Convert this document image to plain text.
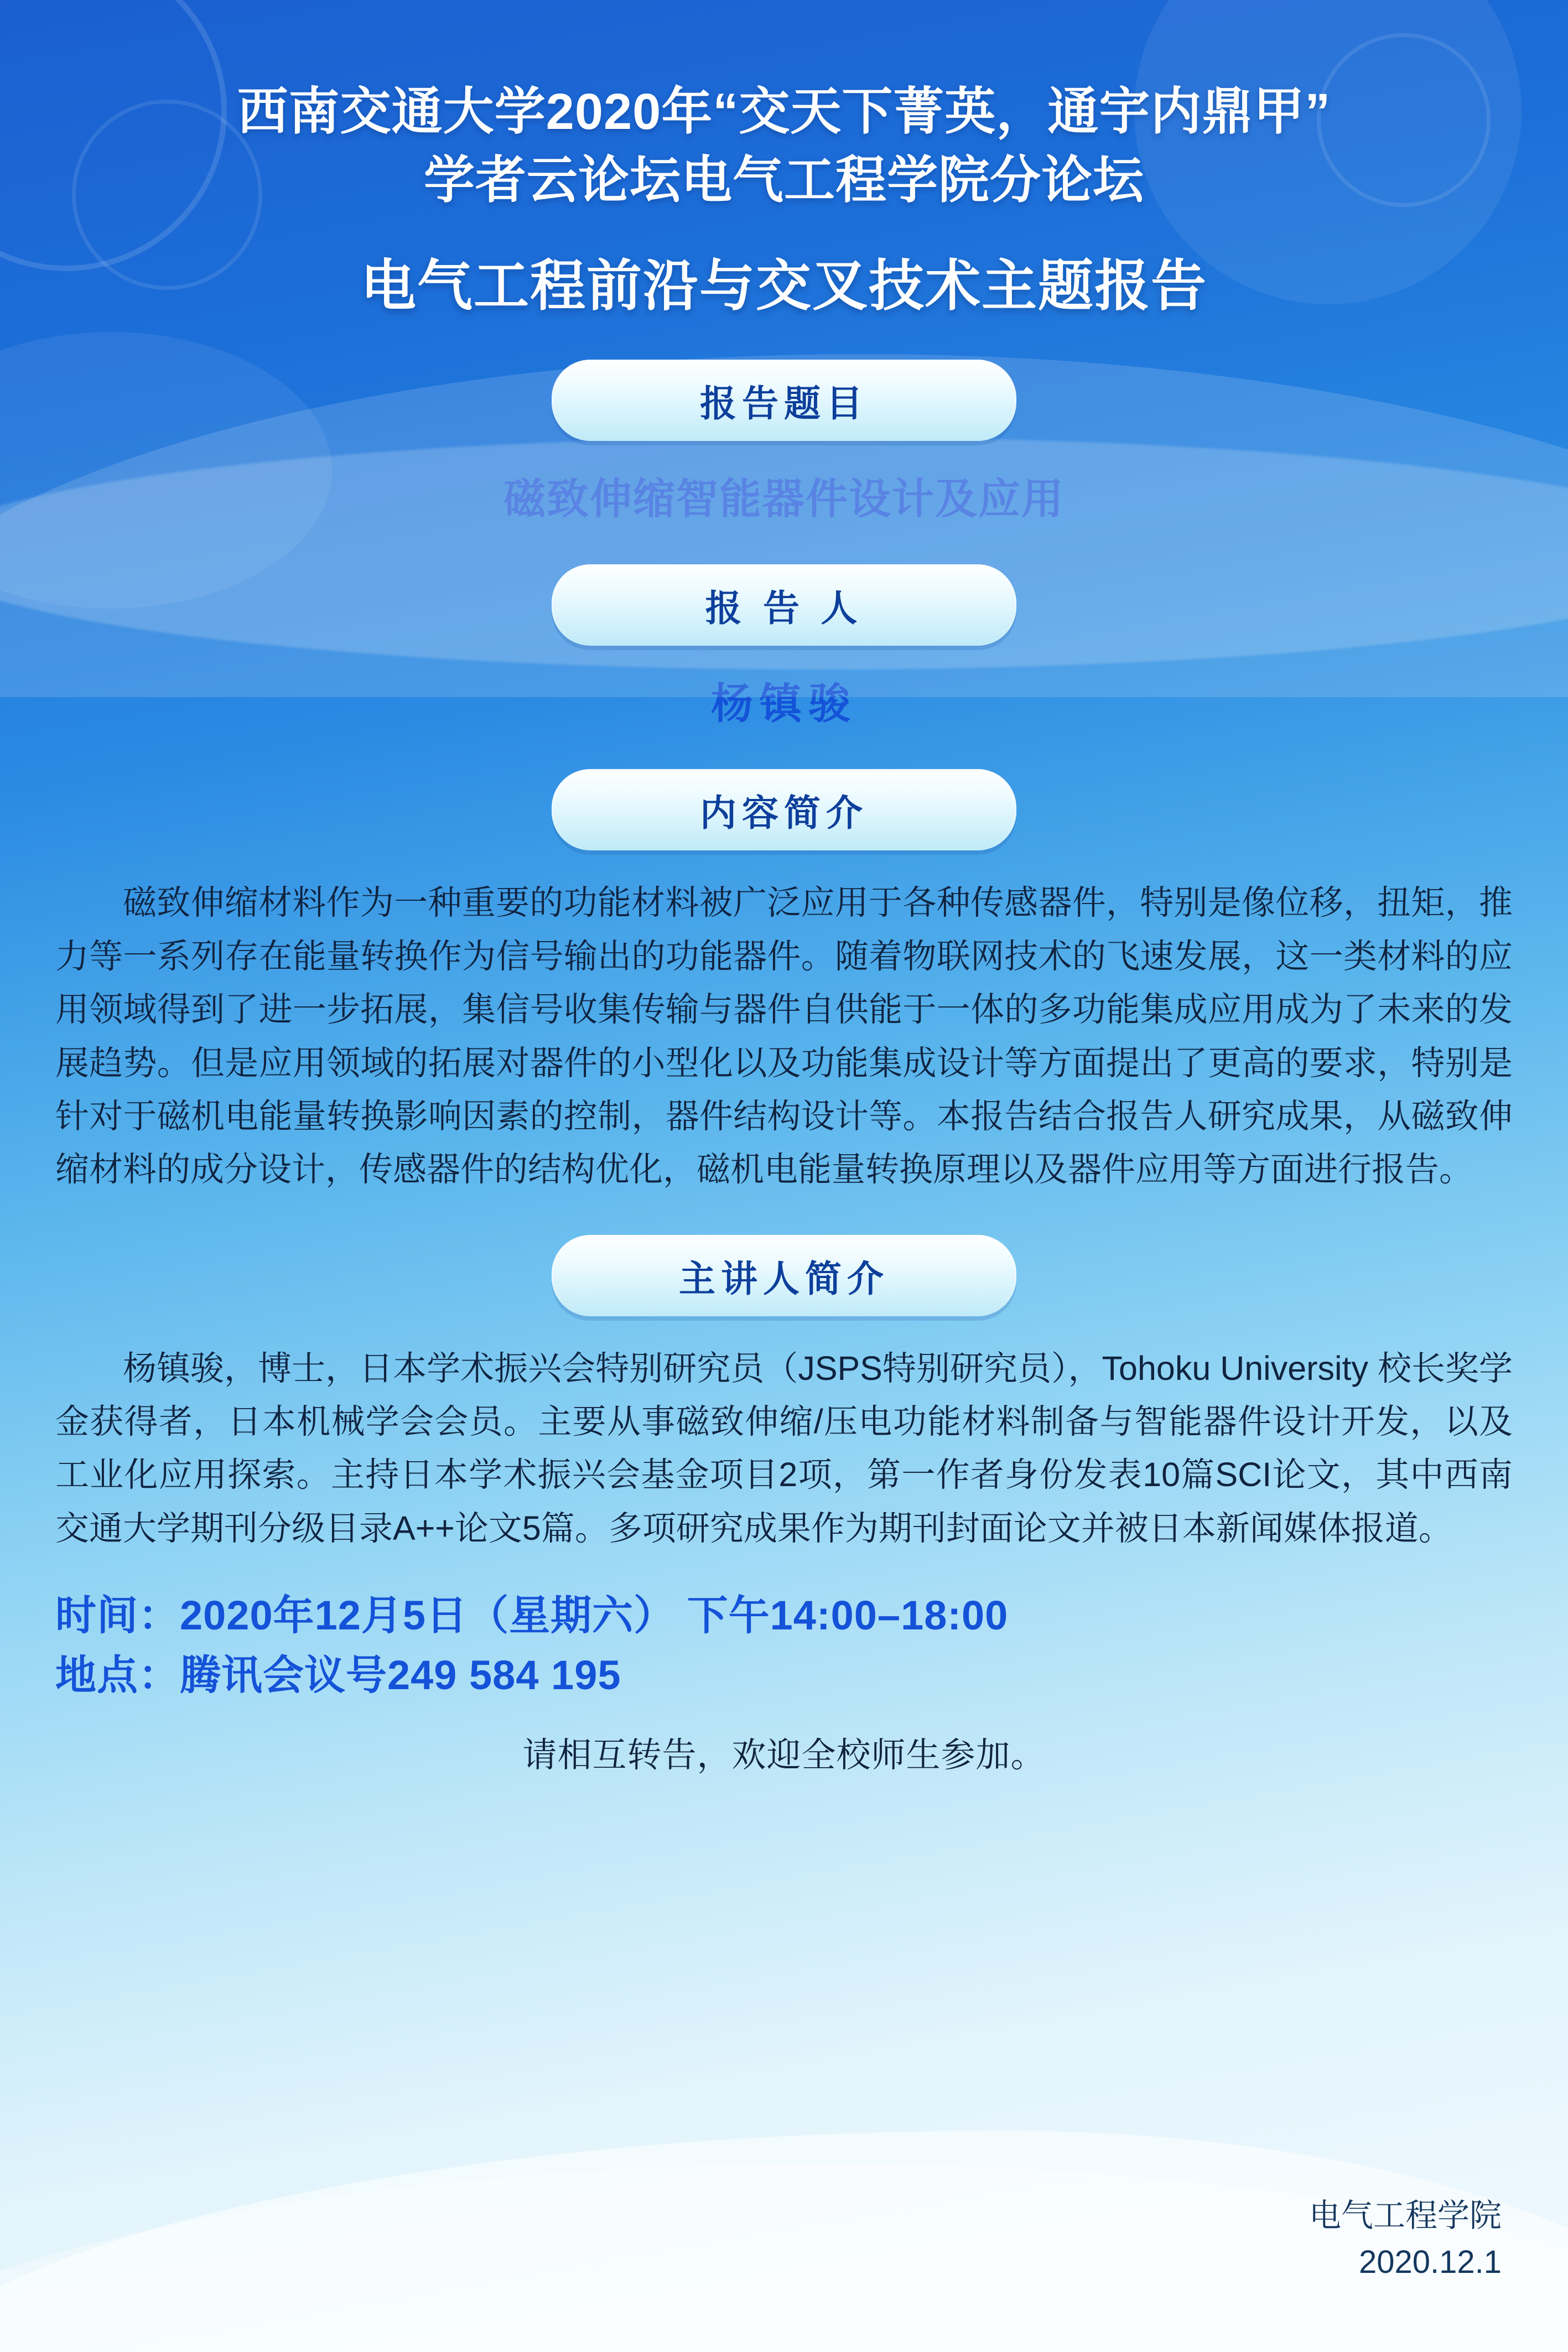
西南交通大学2020年“交天下菁英，通宇内鼎甲”
学者云论坛电气工程学院分论坛
电气工程前沿与交叉技术主题报告
报告题目
磁致伸缩智能器件设计及应用
报 告 人
杨镇骏
内容简介
磁致伸缩材料作为一种重要的功能材料被广泛应用于各种传感器件，特别是像位移，扭矩，推力等一系列存在能量转换作为信号输出的功能器件。随着物联网技术的飞速发展，这一类材料的应用领域得到了进一步拓展，集信号收集传输与器件自供能于一体的多功能集成应用成为了未来的发展趋势。但是应用领域的拓展对器件的小型化以及功能集成设计等方面提出了更高的要求，特别是针对于磁机电能量转换影响因素的控制，器件结构设计等。本报告结合报告人研究成果，从磁致伸缩材料的成分设计，传感器件的结构优化，磁机电能量转换原理以及器件应用等方面进行报告。
主讲人简介
杨镇骏，博士，日本学术振兴会特别研究员（JSPS特别研究员），Tohoku University 校长奖学金获得者，日本机械学会会员。主要从事磁致伸缩/压电功能材料制备与智能器件设计开发，以及工业化应用探索。主持日本学术振兴会基金项目2项，第一作者身份发表10篇SCI论文，其中西南交通大学期刊分级目录A++论文5篇。多项研究成果作为期刊封面论文并被日本新闻媒体报道。
时间：2020年12月5日（星期六） 下午14:00–18:00
地点：腾讯会议号249 584 195
请相互转告，欢迎全校师生参加。
电气工程学院
2020.12.1
